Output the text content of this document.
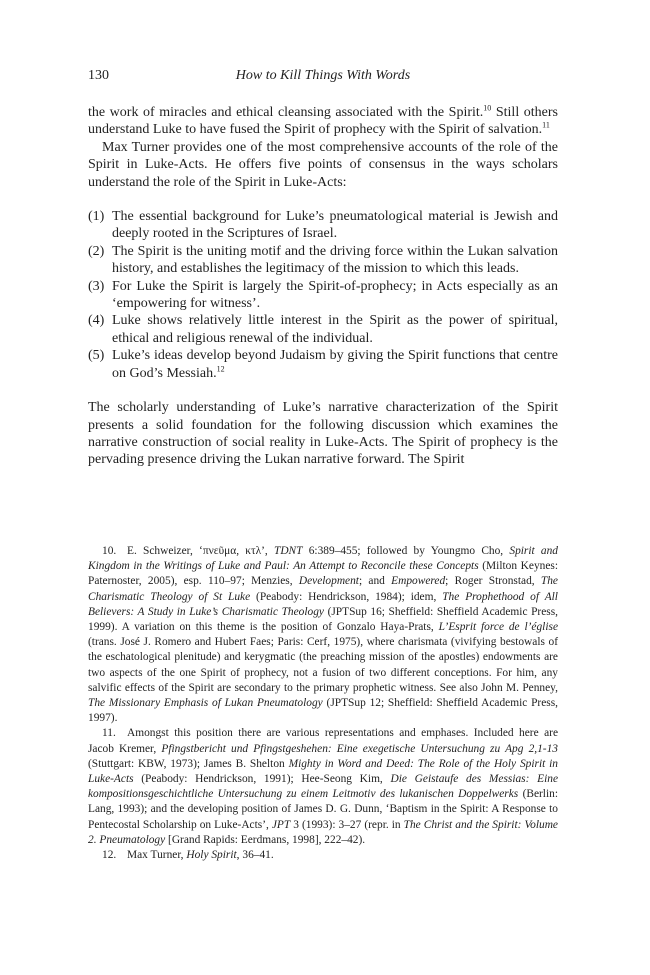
130	How to Kill Things With Words

the work of miracles and ethical cleansing associated with the Spirit.$^{10}$ Still others understand Luke to have fused the Spirit of prophecy with the Spirit of salvation.$^{11}$

Max Turner provides one of the most comprehensive accounts of the role of the Spirit in Luke-Acts. He offers five points of consensus in the ways scholars understand the role of the Spirit in Luke-Acts:

(1) The essential background for Luke’s pneumatological material is Jewish and deeply rooted in the Scriptures of Israel.
(2) The Spirit is the uniting motif and the driving force within the Lukan salvation history, and establishes the legitimacy of the mission to which this leads.
(3) For Luke the Spirit is largely the Spirit-of-prophecy; in Acts especially as an ‘empowering for witness’.
(4) Luke shows relatively little interest in the Spirit as the power of spiritual, ethical and religious renewal of the individual.
(5) Luke’s ideas develop beyond Judaism by giving the Spirit functions that centre on God’s Messiah.$^{12}$

The scholarly understanding of Luke’s narrative characterization of the Spirit presents a solid foundation for the following discussion which examines the narrative construction of social reality in Luke-Acts. The Spirit of prophecy is the pervading presence driving the Lukan narrative forward. The Spirit

10. E. Schweizer, ‘πνεῦμα, κτλ’, TDNT 6:389–455; followed by Youngmo Cho, Spirit and Kingdom in the Writings of Luke and Paul: An Attempt to Reconcile these Concepts (Milton Keynes: Paternoster, 2005), esp. 110–97; Menzies, Development; and Empowered; Roger Stronstad, The Charismatic Theology of St Luke (Peabody: Hendrickson, 1984); idem, The Prophethood of All Believers: A Study in Luke’s Charismatic Theology (JPTSup 16; Sheffield: Sheffield Academic Press, 1999). A variation on this theme is the position of Gonzalo Haya-Prats, L’Esprit force de l’église (trans. José J. Romero and Hubert Faes; Paris: Cerf, 1975), where charismata (vivifying bestowals of the eschatological plenitude) and kerygmatic (the preaching mission of the apostles) endowments are two aspects of the one Spirit of prophecy, not a fusion of two different conceptions. For him, any salvific effects of the Spirit are secondary to the primary prophetic witness. See also John M. Penney, The Missionary Emphasis of Lukan Pneumatology (JPTSup 12; Sheffield: Sheffield Academic Press, 1997).

11. Amongst this position there are various representations and emphases. Included here are Jacob Kremer, Pfingstbericht und Pfingstgeshehen: Eine exegetische Untersuchung zu Apg 2,1-13 (Stuttgart: KBW, 1973); James B. Shelton Mighty in Word and Deed: The Role of the Holy Spirit in Luke-Acts (Peabody: Hendrickson, 1991); Hee-Seong Kim, Die Geistaufe des Messias: Eine kompositionsgeschichtliche Untersuchung zu einem Leitmotiv des lukanischen Doppelwerks (Berlin: Lang, 1993); and the developing position of James D. G. Dunn, ‘Baptism in the Spirit: A Response to Pentecostal Scholarship on Luke-Acts’, JPT 3 (1993): 3–27 (repr. in The Christ and the Spirit: Volume 2. Pneumatology [Grand Rapids: Eerdmans, 1998], 222–42).

12. Max Turner, Holy Spirit, 36–41.
